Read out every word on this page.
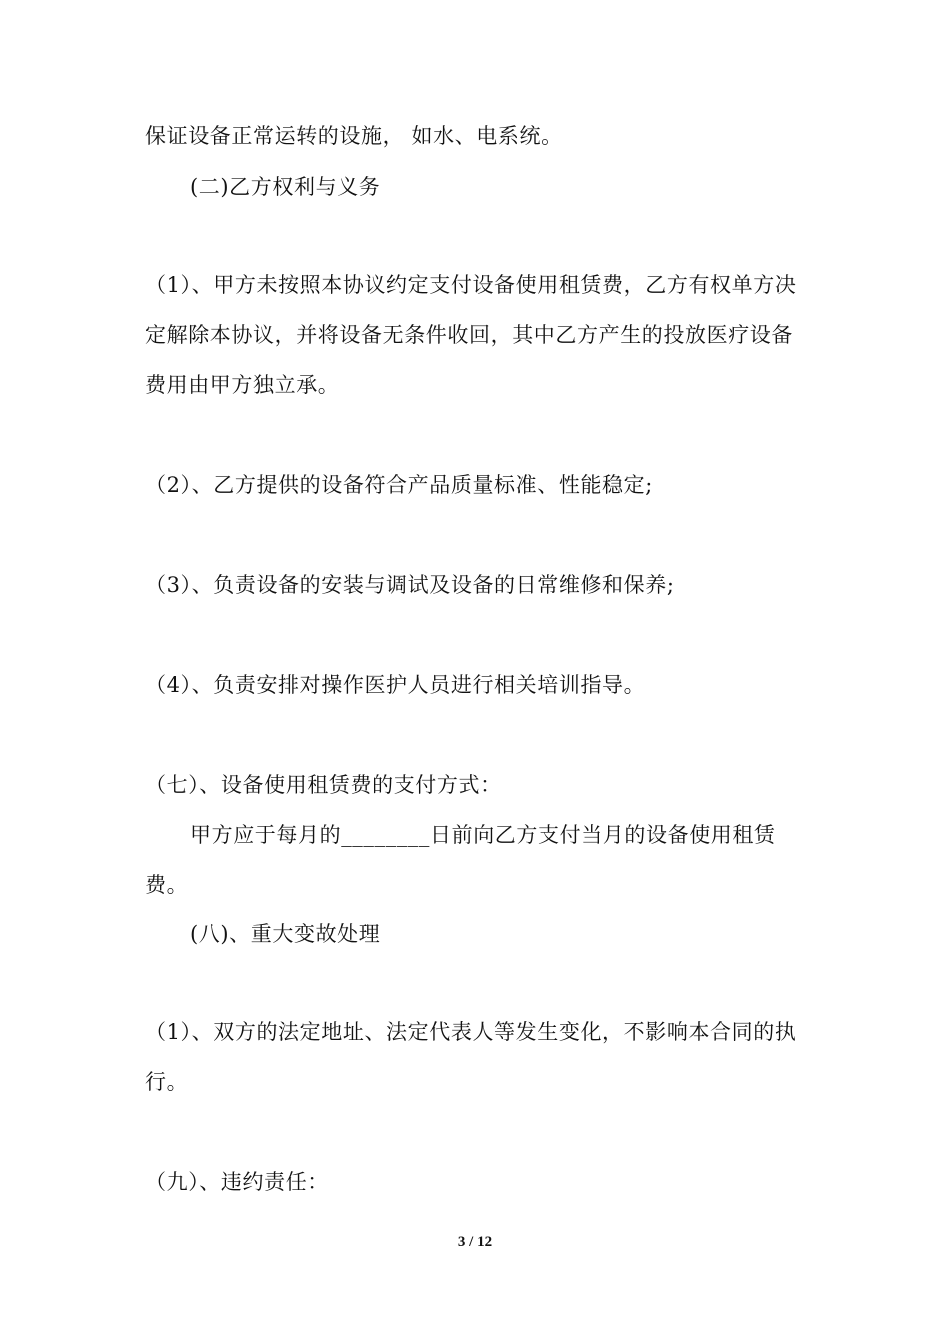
保证设备正常运转的设施， 如水、电系统。
(二)乙方权利与义务
（1）、甲方未按照本协议约定支付设备使用租赁费，乙方有权单方决
定解除本协议，并将设备无条件收回，其中乙方产生的投放医疗设备
费用由甲方独立承。
（2）、乙方提供的设备符合产品质量标准、性能稳定;
（3）、负责设备的安装与调试及设备的日常维修和保养;
（4）、负责安排对操作医护人员进行相关培训指导。
（七）、设备使用租赁费的支付方式：
甲方应于每月的________日前向乙方支付当月的设备使用租赁
费。
(八)、重大变故处理
（1）、双方的法定地址、法定代表人等发生变化，不影响本合同的执
行。
（九）、违约责任：
3 / 12
